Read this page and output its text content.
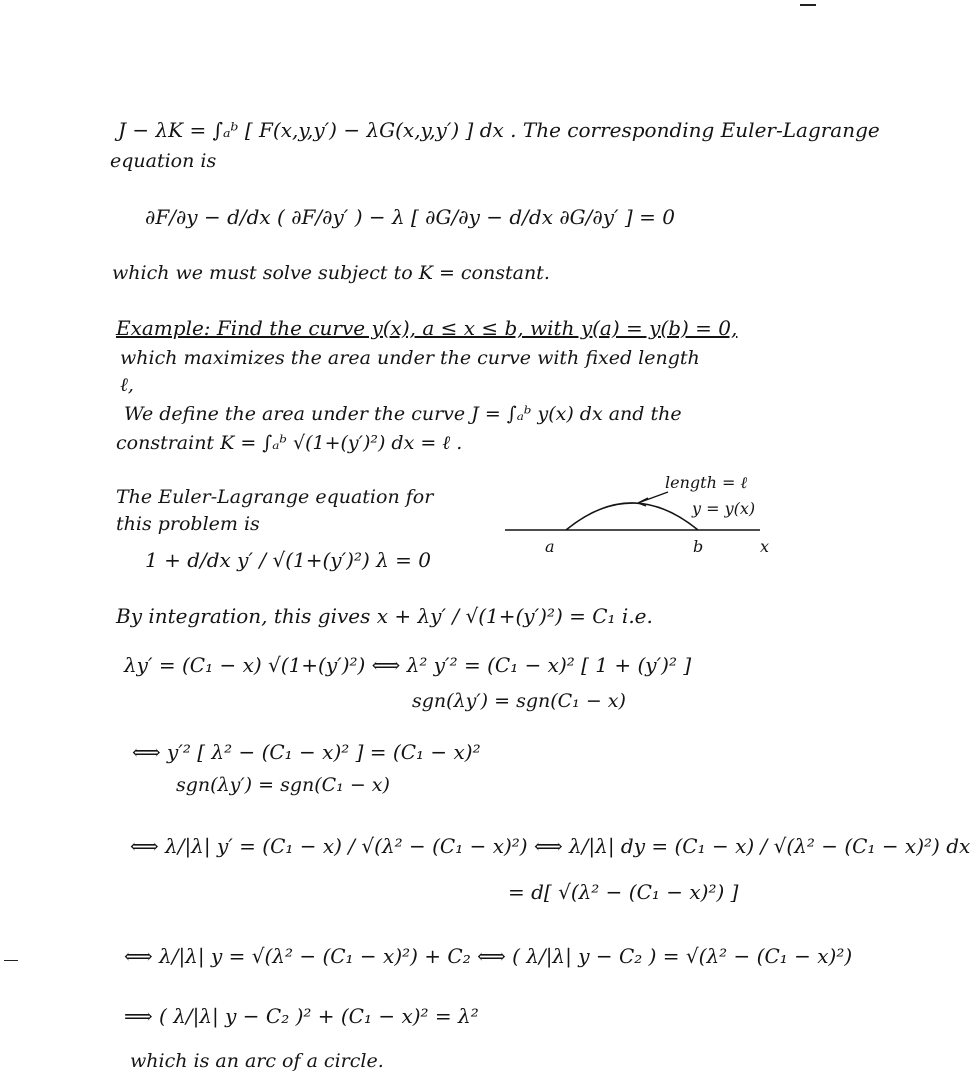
J − λK = ∫ₐᵇ [ F(x,y,y′) − λG(x,y,y′) ] dx . The corresponding Euler-Lagrange
equation is
∂F/∂y − d/dx ( ∂F/∂y′ ) − λ [ ∂G/∂y − d/dx ∂G/∂y′ ] = 0
which we must solve subject to K = constant.
Example: Find the curve y(x), a ≤ x ≤ b, with y(a) = y(b) = 0,
which maximizes the area under the curve with fixed length
ℓ,
We define the area under the curve J = ∫ₐᵇ y(x) dx and the
constraint K = ∫ₐᵇ √(1+(y′)²) dx = ℓ .
The Euler-Lagrange equation for
this problem is
1 + d/dx y′ / √(1+(y′)²) λ = 0
length = ℓ
y = y(x)
a	b	x
By integration, this gives x + λy′ / √(1+(y′)²) = C₁ i.e.
λy′ = (C₁ − x) √(1+(y′)²) ⟺ λ² y′² = (C₁ − x)² [ 1 + (y′)² ]
sgn(λy′) = sgn(C₁ − x)
⟺ y′² [ λ² − (C₁ − x)² ] = (C₁ − x)²
sgn(λy′) = sgn(C₁ − x)
⟺ λ/|λ| y′ = (C₁ − x) / √(λ² − (C₁ − x)²) ⟺ λ/|λ| dy = (C₁ − x) / √(λ² − (C₁ − x)²) dx
= d[ √(λ² − (C₁ − x)²) ]
⟺ λ/|λ| y = √(λ² − (C₁ − x)²) + C₂ ⟺ ( λ/|λ| y − C₂ ) = √(λ² − (C₁ − x)²)
⟹ ( λ/|λ| y − C₂ )² + (C₁ − x)² = λ²
which is an arc of a circle.
